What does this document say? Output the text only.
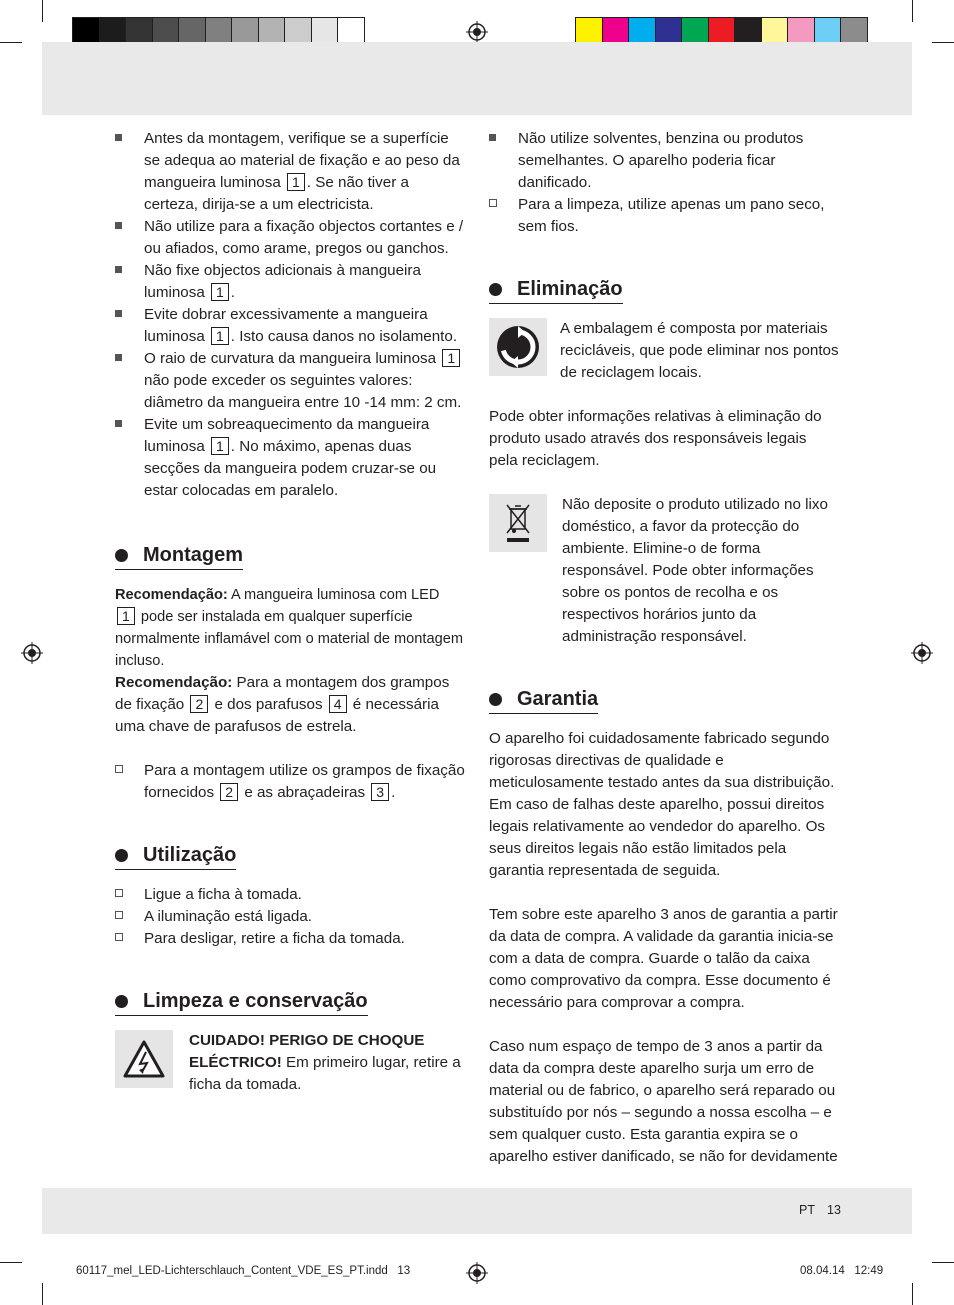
Antes da montagem, verifique se a superfície se adequa ao material de fixação e ao peso da mangueira luminosa 1 . Se não tiver a certeza, dirija-se a um electricista.

Não utilize para a fixação objectos cortantes e / ou afiados, como arame, pregos ou ganchos.

Não fixe objectos adicionais à mangueira luminosa 1 .

Evite dobrar excessivamente a mangueira luminosa 1 . Isto causa danos no isolamento.

O raio de curvatura da mangueira luminosa 1 não pode exceder os seguintes valores: diâmetro da mangueira entre 10 -14 mm: 2 cm.

Evite um sobreaquecimento da mangueira luminosa 1 . No máximo, apenas duas secções da mangueira podem cruzar-se ou estar colocadas em paralelo.

Montagem

Recomendação: A mangueira luminosa com LED 1 pode ser instalada em qualquer superfície normalmente inflamável com o material de montagem incluso.

Recomendação: Para a montagem dos grampos de fixação 2 e dos parafusos 4 é necessária uma chave de parafusos de estrela.

Para a montagem utilize os grampos de fixação fornecidos 2 e as abraçadeiras 3 .

Utilização

Ligue a ficha à tomada.

A iluminação está ligada.

Para desligar, retire a ficha da tomada.

Limpeza e conservação

CUIDADO! PERIGO DE CHOQUE ELÉCTRICO! Em primeiro lugar, retire a ficha da tomada.

Não utilize solventes, benzina ou produtos semelhantes. O aparelho poderia ficar danificado.

Para a limpeza, utilize apenas um pano seco, sem fios.

Eliminação

A embalagem é composta por materiais recicláveis, que pode eliminar nos pontos de reciclagem locais.

Pode obter informações relativas à eliminação do produto usado através dos responsáveis legais pela reciclagem.

Não deposite o produto utilizado no lixo doméstico, a favor da protecção do ambiente. Elimine-o de forma responsável. Pode obter informações sobre os pontos de recolha e os respectivos horários junto da administração responsável.

Garantia

O aparelho foi cuidadosamente fabricado segundo rigorosas directivas de qualidade e meticulosamente testado antes da sua distribuição. Em caso de falhas deste aparelho, possui direitos legais relativamente ao vendedor do aparelho. Os seus direitos legais não estão limitados pela garantia representada de seguida.

Tem sobre este aparelho 3 anos de garantia a partir da data de compra. A validade da garantia inicia-se com a data de compra. Guarde o talão da caixa como comprovativo da compra. Esse documento é necessário para comprovar a compra.

Caso num espaço de tempo de 3 anos a partir da data da compra deste aparelho surja um erro de material ou de fabrico, o aparelho será reparado ou substituído por nós – segundo a nossa escolha – e sem qualquer custo. Esta garantia expira se o aparelho estiver danificado, se não for devidamente

PT 13
60117_mel_LED-Lichterschlauch_Content_VDE_ES_PT.indd   13	08.04.14   12:49
